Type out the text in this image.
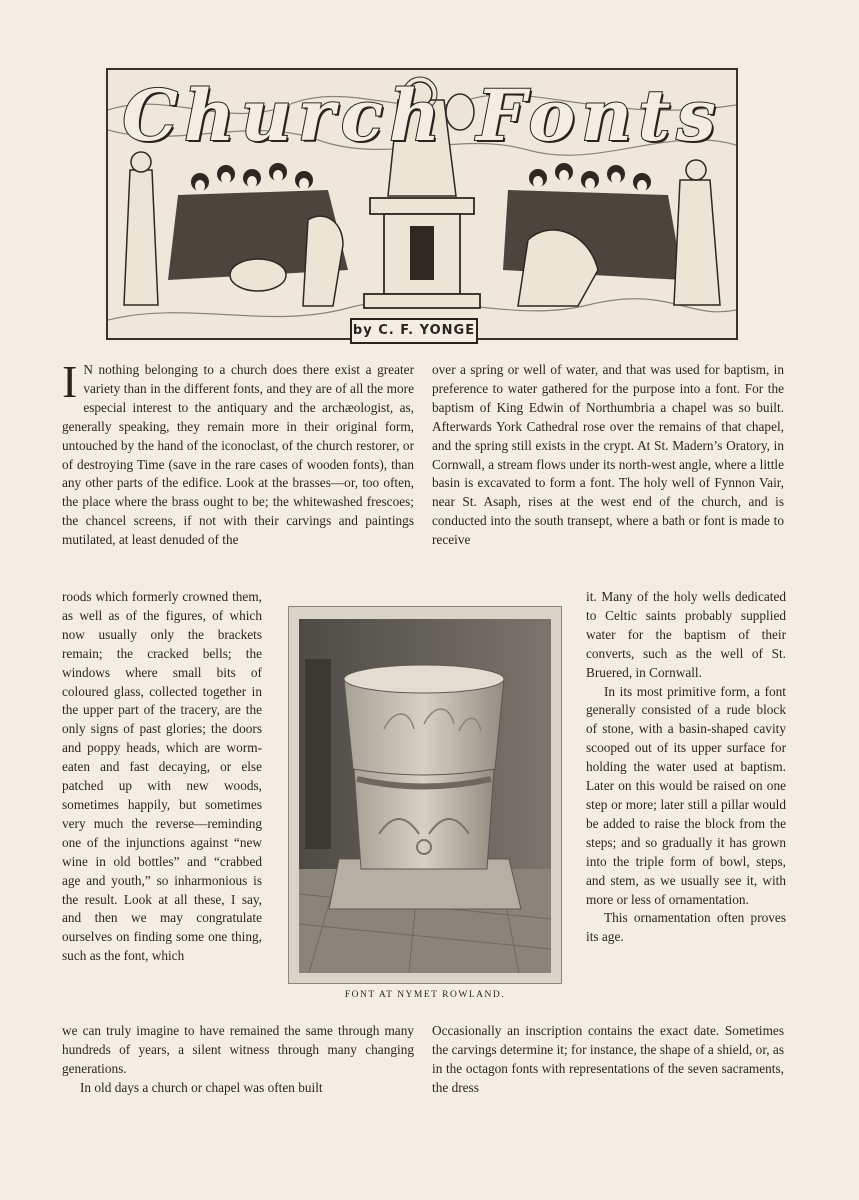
Church Fonts
by C. F. YONGE

I N nothing belonging to a church does there exist a greater variety than in the different fonts, and they are of all the more especial interest to the antiquary and the archæologist, as, generally speaking, they remain more in their original form, untouched by the hand of the iconoclast, of the church restorer, or of destroying Time (save in the rare cases of wooden fonts), than any other parts of the edifice. Look at the brasses—or, too often, the place where the brass ought to be; the whitewashed frescoes; the chancel screens, if not with their carvings and paintings mutilated, at least denuded of the

roods which formerly crowned them, as well as of the figures, of which now usually only the brackets remain; the cracked bells; the windows where small bits of coloured glass, collected together in the upper part of the tracery, are the only signs of past glories; the doors and poppy heads, which are worm-eaten and fast decaying, or else patched up with new woods, sometimes happily, but sometimes very much the reverse—reminding one of the injunctions against “new wine in old bottles” and “crabbed age and youth,” so inharmonious is the result. Look at all these, I say, and then we may congratulate ourselves on finding some one thing, such as the font, which

we can truly imagine to have remained the same through many hundreds of years, a silent witness through many changing generations.

In old days a church or chapel was often built

over a spring or well of water, and that was used for baptism, in preference to water gathered for the purpose into a font. For the baptism of King Edwin of Northumbria a chapel was so built. Afterwards York Cathedral rose over the remains of that chapel, and the spring still exists in the crypt. At St. Madern’s Oratory, in Cornwall, a stream flows under its north-west angle, where a little basin is excavated to form a font. The holy well of Fynnon Vair, near St. Asaph, rises at the west end of the church, and is conducted into the south transept, where a bath or font is made to receive

it. Many of the holy wells dedicated to Celtic saints probably supplied water for the baptism of their converts, such as the well of St. Bruered, in Cornwall.

In its most primitive form, a font generally consisted of a rude block of stone, with a basin-shaped cavity scooped out of its upper surface for holding the water used at baptism. Later on this would be raised on one step or more; later still a pillar would be added to raise the block from the steps; and so gradually it has grown into the triple form of bowl, steps, and stem, as we usually see it, with more or less of ornamentation.

This ornamentation often proves its age.

Occasionally an inscription contains the exact date. Sometimes the carvings determine it; for instance, the shape of a shield, or, as in the octagon fonts with representations of the seven sacraments, the dress

FONT AT NYMET ROWLAND.
